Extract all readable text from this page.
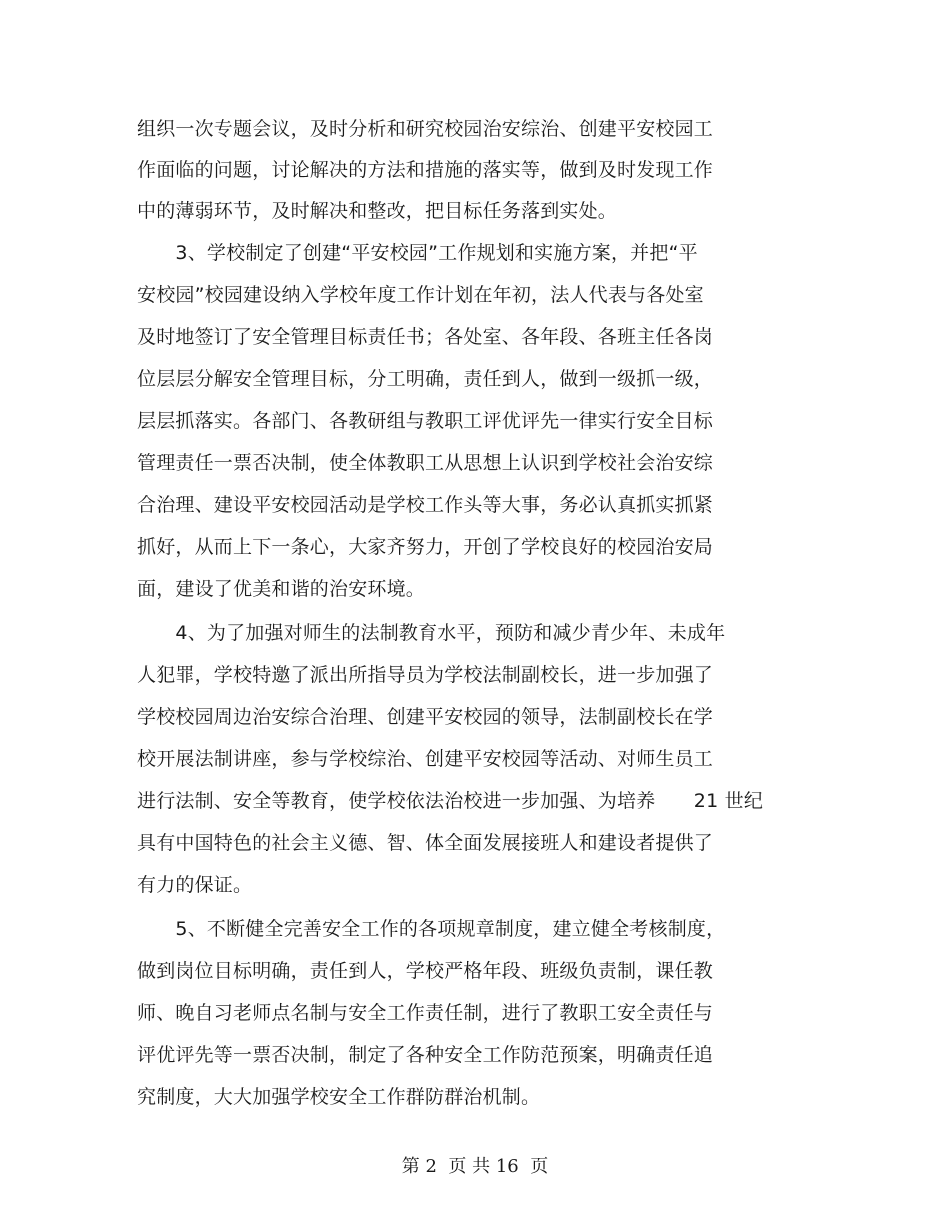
组织一次专题会议，及时分析和研究校园治安综治、创建平安校园工
作面临的问题，讨论解决的方法和措施的落实等，做到及时发现工作
中的薄弱环节，及时解决和整改，把目标任务落到实处。
　　3、学校制定了创建“平安校园”工作规划和实施方案，并把“平
安校园”校园建设纳入学校年度工作计划在年初，法人代表与各处室
及时地签订了安全管理目标责任书；各处室、各年段、各班主任各岗
位层层分解安全管理目标，分工明确，责任到人，做到一级抓一级，
层层抓落实。各部门、各教研组与教职工评优评先一律实行安全目标
管理责任一票否决制，使全体教职工从思想上认识到学校社会治安综
合治理、建设平安校园活动是学校工作头等大事，务必认真抓实抓紧
抓好，从而上下一条心，大家齐努力，开创了学校良好的校园治安局
面，建设了优美和谐的治安环境。
　　4、为了加强对师生的法制教育水平，预防和减少青少年、未成年
人犯罪，学校特邀了派出所指导员为学校法制副校长，进一步加强了
学校校园周边治安综合治理、创建平安校园的领导，法制副校长在学
校开展法制讲座，参与学校综治、创建平安校园等活动、对师生员工
进行法制、安全等教育，使学校依法治校进一步加强、为培养　　21 世纪
具有中国特色的社会主义德、智、体全面发展接班人和建设者提供了
有力的保证。
　　5、不断健全完善安全工作的各项规章制度，建立健全考核制度，
做到岗位目标明确，责任到人，学校严格年段、班级负责制，课任教
师、晚自习老师点名制与安全工作责任制，进行了教职工安全责任与
评优评先等一票否决制，制定了各种安全工作防范预案，明确责任追
究制度，大大加强学校安全工作群防群治机制。
第 2  页 共 16  页
